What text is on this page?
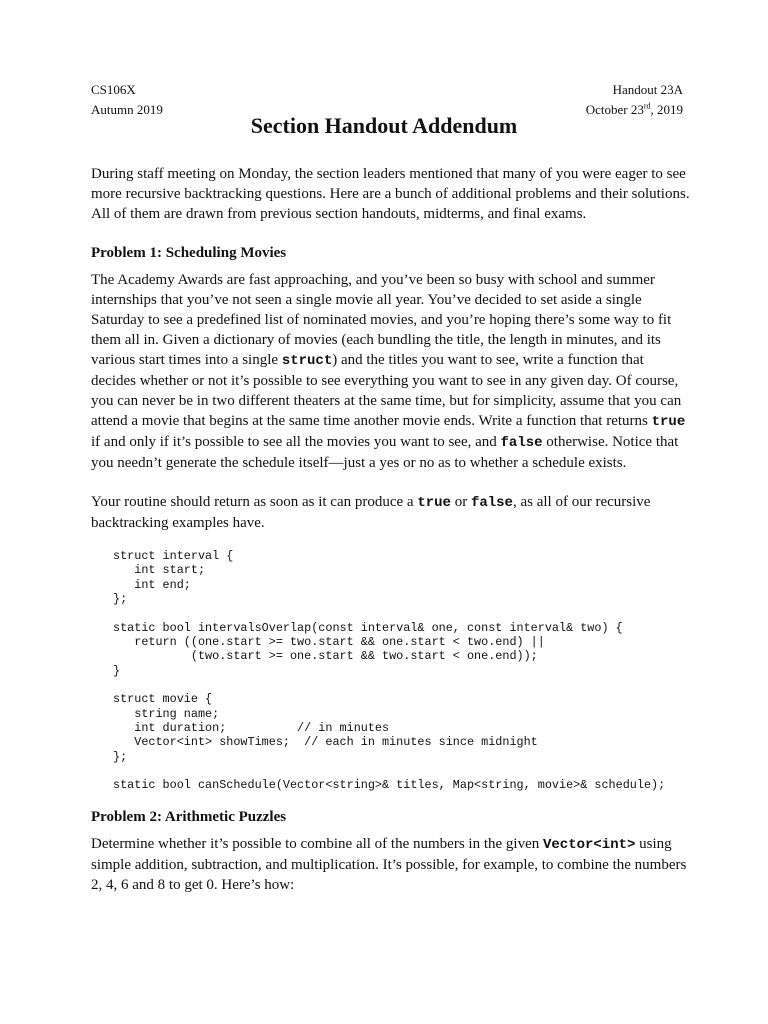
CS106X
Autumn 2019
Handout 23A
October 23rd, 2019
Section Handout Addendum

During staff meeting on Monday, the section leaders mentioned that many of you were eager to see more recursive backtracking questions. Here are a bunch of additional problems and their solutions. All of them are drawn from previous section handouts, midterms, and final exams.

Problem 1: Scheduling Movies

The Academy Awards are fast approaching, and you’ve been so busy with school and summer internships that you’ve not seen a single movie all year. You’ve decided to set aside a single Saturday to see a predefined list of nominated movies, and you’re hoping there’s some way to fit them all in. Given a dictionary of movies (each bundling the title, the length in minutes, and its various start times into a single struct) and the titles you want to see, write a function that decides whether or not it’s possible to see everything you want to see in any given day. Of course, you can never be in two different theaters at the same time, but for simplicity, assume that you can attend a movie that begins at the same time another movie ends. Write a function that returns true if and only if it’s possible to see all the movies you want to see, and false otherwise. Notice that you needn’t generate the schedule itself—just a yes or no as to whether a schedule exists.

Your routine should return as soon as it can produce a true or false, as all of our recursive backtracking examples have.

struct interval {
int start;
int end;
};
static bool intervalsOverlap(const interval& one, const interval& two) {
return ((one.start >= two.start && one.start < two.end) ||
(two.start >= one.start && two.start < one.end));
}
struct movie {
string name;
int duration;          // in minutes
Vector<int> showTimes;  // each in minutes since midnight
};
static bool canSchedule(Vector<string>& titles, Map<string, movie>& schedule);
Problem 2: Arithmetic Puzzles

Determine whether it’s possible to combine all of the numbers in the given Vector<int> using simple addition, subtraction, and multiplication. It’s possible, for example, to combine the numbers 2, 4, 6 and 8 to get 0. Here’s how:
